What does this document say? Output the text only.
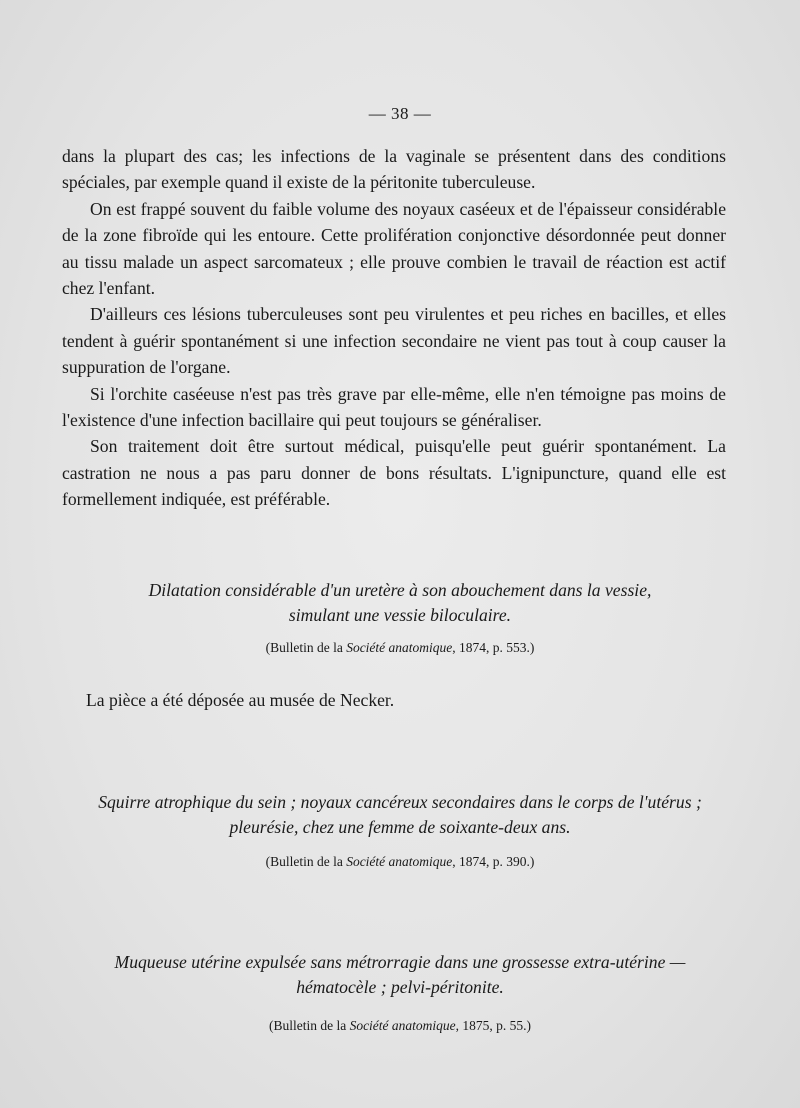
— 38 —

dans la plupart des cas; les infections de la vaginale se présentent dans des conditions spéciales, par exemple quand il existe de la péritonite tuberculeuse.

On est frappé souvent du faible volume des noyaux caséeux et de l'épaisseur considérable de la zone fibroïde qui les entoure. Cette prolifération conjonctive désordonnée peut donner au tissu malade un aspect sarcomateux ; elle prouve combien le travail de réaction est actif chez l'enfant.

D'ailleurs ces lésions tuberculeuses sont peu virulentes et peu riches en bacilles, et elles tendent à guérir spontanément si une infection secondaire ne vient pas tout à coup causer la suppuration de l'organe.

Si l'orchite caséeuse n'est pas très grave par elle-même, elle n'en témoigne pas moins de l'existence d'une infection bacillaire qui peut toujours se généraliser.

Son traitement doit être surtout médical, puisqu'elle peut guérir spontanément. La castration ne nous a pas paru donner de bons résultats. L'ignipuncture, quand elle est formellement indiquée, est préférable.

Dilatation considérable d'un uretère à son abouchement dans la vessie,

simulant une vessie biloculaire.

(Bulletin de la Société anatomique, 1874, p. 553.)

La pièce a été déposée au musée de Necker.

Squirre atrophique du sein ; noyaux cancéreux secondaires dans le corps de l'utérus ;

pleurésie, chez une femme de soixante-deux ans.

(Bulletin de la Société anatomique, 1874, p. 390.)

Muqueuse utérine expulsée sans métrorragie dans une grossesse extra-utérine —

hématocèle ; pelvi-péritonite.

(Bulletin de la Société anatomique, 1875, p. 55.)
